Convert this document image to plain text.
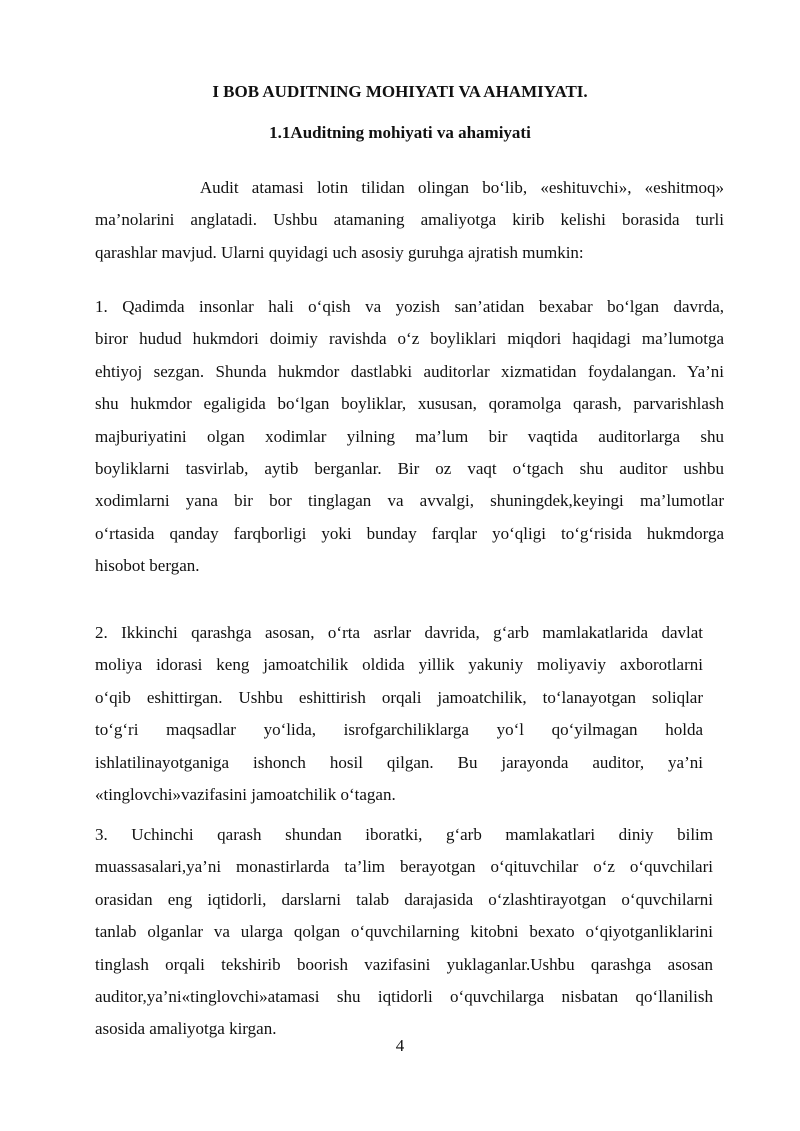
I BOB AUDITNING MOHIYATI VA AHAMIYATI.
1.1Auditning mohiyati va ahamiyati

Audit atamasi lotin tilidan olingan bo‘lib, «eshituvchi», «eshitmoq»
ma’nolarini anglatadi. Ushbu atamaning amaliyotga kirib kelishi borasida turli
qarashlar mavjud. Ularni quyidagi uch asosiy guruhga ajratish mumkin:

1. Qadimda insonlar hali o‘qish va yozish san’atidan bexabar bo‘lgan davrda,
biror hudud hukmdori doimiy ravishda o‘z boyliklari miqdori haqidagi ma’lumotga
ehtiyoj sezgan. Shunda hukmdor dastlabki auditorlar xizmatidan foydalangan. Ya’ni
shu hukmdor egaligida bo‘lgan boyliklar, xususan, qoramolga qarash, parvarishlash
majburiyatini olgan xodimlar yilning ma’lum bir vaqtida auditorlarga shu
boyliklarni tasvirlab, aytib berganlar. Bir oz vaqt o‘tgach shu auditor ushbu
xodimlarni yana bir bor tinglagan va avvalgi, shuningdek,keyingi ma’lumotlar
o‘rtasida qanday farqborligi yoki bunday farqlar yo‘qligi to‘g‘risida hukmdorga
hisobot bergan.

2. Ikkinchi qarashga asosan, o‘rta asrlar davrida, g‘arb mamlakatlarida davlat
moliya idorasi keng jamoatchilik oldida yillik yakuniy moliyaviy axborotlarni
o‘qib eshittirgan. Ushbu eshittirish orqali jamoatchilik, to‘lanayotgan soliqlar
to‘g‘ri maqsadlar yo‘lida, isrofgarchiliklarga yo‘l qo‘yilmagan holda
ishlatilinayotganiga ishonch hosil qilgan. Bu jarayonda auditor, ya’ni
«tinglovchi»vazifasini jamoatchilik o‘tagan.

3. Uchinchi qarash shundan iboratki, g‘arb mamlakatlari diniy bilim
muassasalari,ya’ni monastirlarda ta’lim berayotgan o‘qituvchilar o‘z o‘quvchilari
orasidan eng iqtidorli, darslarni talab darajasida o‘zlashtirayotgan o‘quvchilarni
tanlab olganlar va ularga qolgan o‘quvchilarning kitobni bexato o‘qiyotganliklarini
tinglash orqali tekshirib boorish vazifasini yuklaganlar.Ushbu qarashga asosan
auditor,ya’ni«tinglovchi»atamasi shu iqtidorli o‘quvchilarga nisbatan qo‘llanilish
asosida amaliyotga kirgan.

4
